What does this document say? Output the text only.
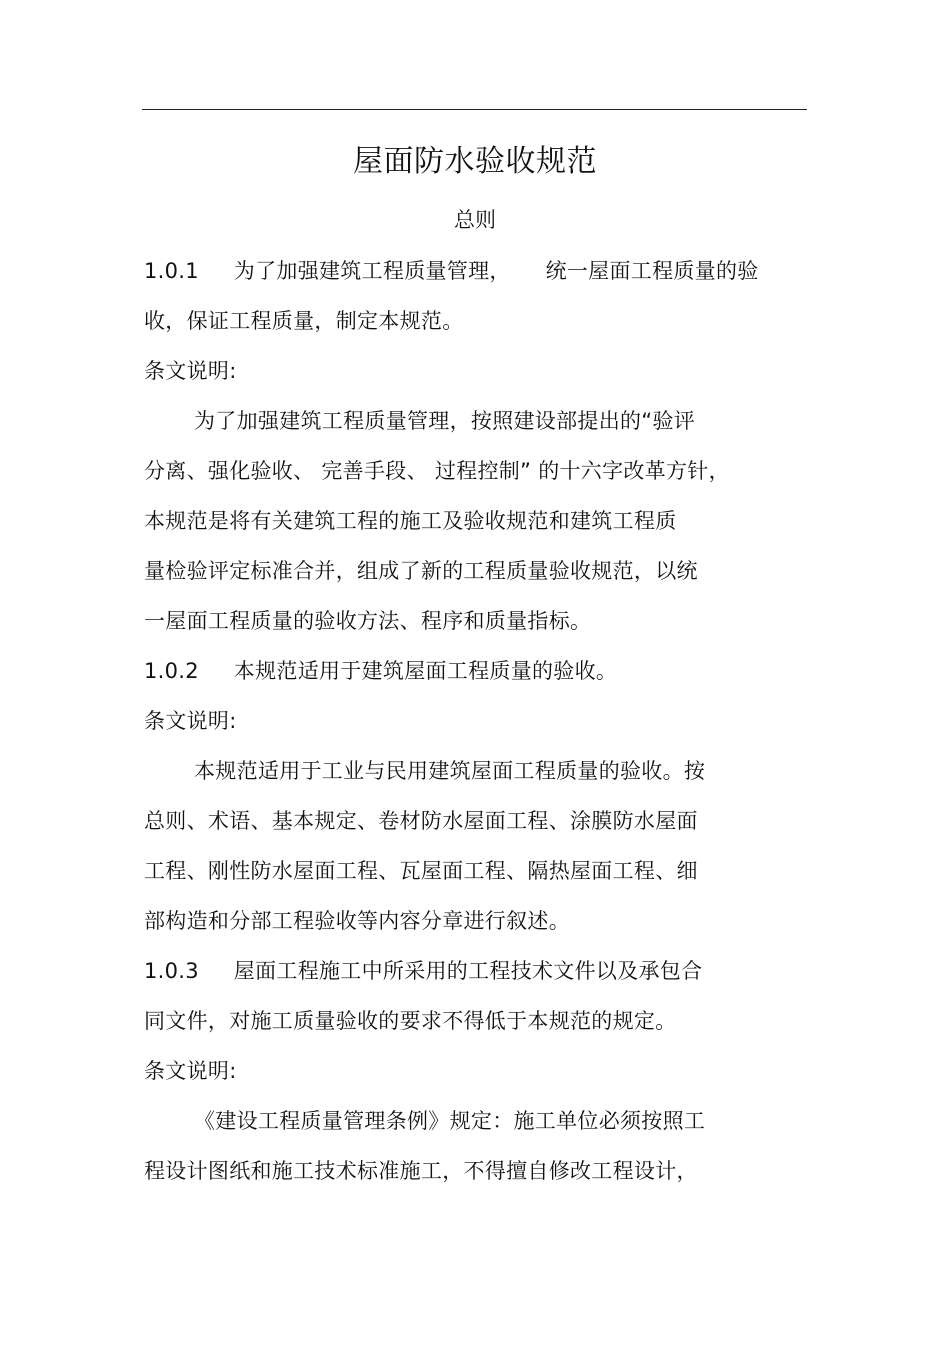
屋面防水验收规范
总则
1.0.1     为了加强建筑工程质量管理，     统一屋面工程质量的验
收，保证工程质量，制定本规范。
条文说明:
为了加强建筑工程质量管理，按照建设部提出的“验评
分离、强化验收、 完善手段、 过程控制” 的十六字改革方针，
本规范是将有关建筑工程的施工及验收规范和建筑工程质
量检验评定标准合并，组成了新的工程质量验收规范，以统
一屋面工程质量的验收方法、程序和质量指标。
1.0.2     本规范适用于建筑屋面工程质量的验收。
条文说明:
本规范适用于工业与民用建筑屋面工程质量的验收。按
总则、术语、基本规定、卷材防水屋面工程、涂膜防水屋面
工程、刚性防水屋面工程、瓦屋面工程、隔热屋面工程、细
部构造和分部工程验收等内容分章进行叙述。
1.0.3     屋面工程施工中所采用的工程技术文件以及承包合
同文件，对施工质量验收的要求不得低于本规范的规定。
条文说明:
《建设工程质量管理条例》规定：施工单位必须按照工
程设计图纸和施工技术标准施工，不得擅自修改工程设计，
